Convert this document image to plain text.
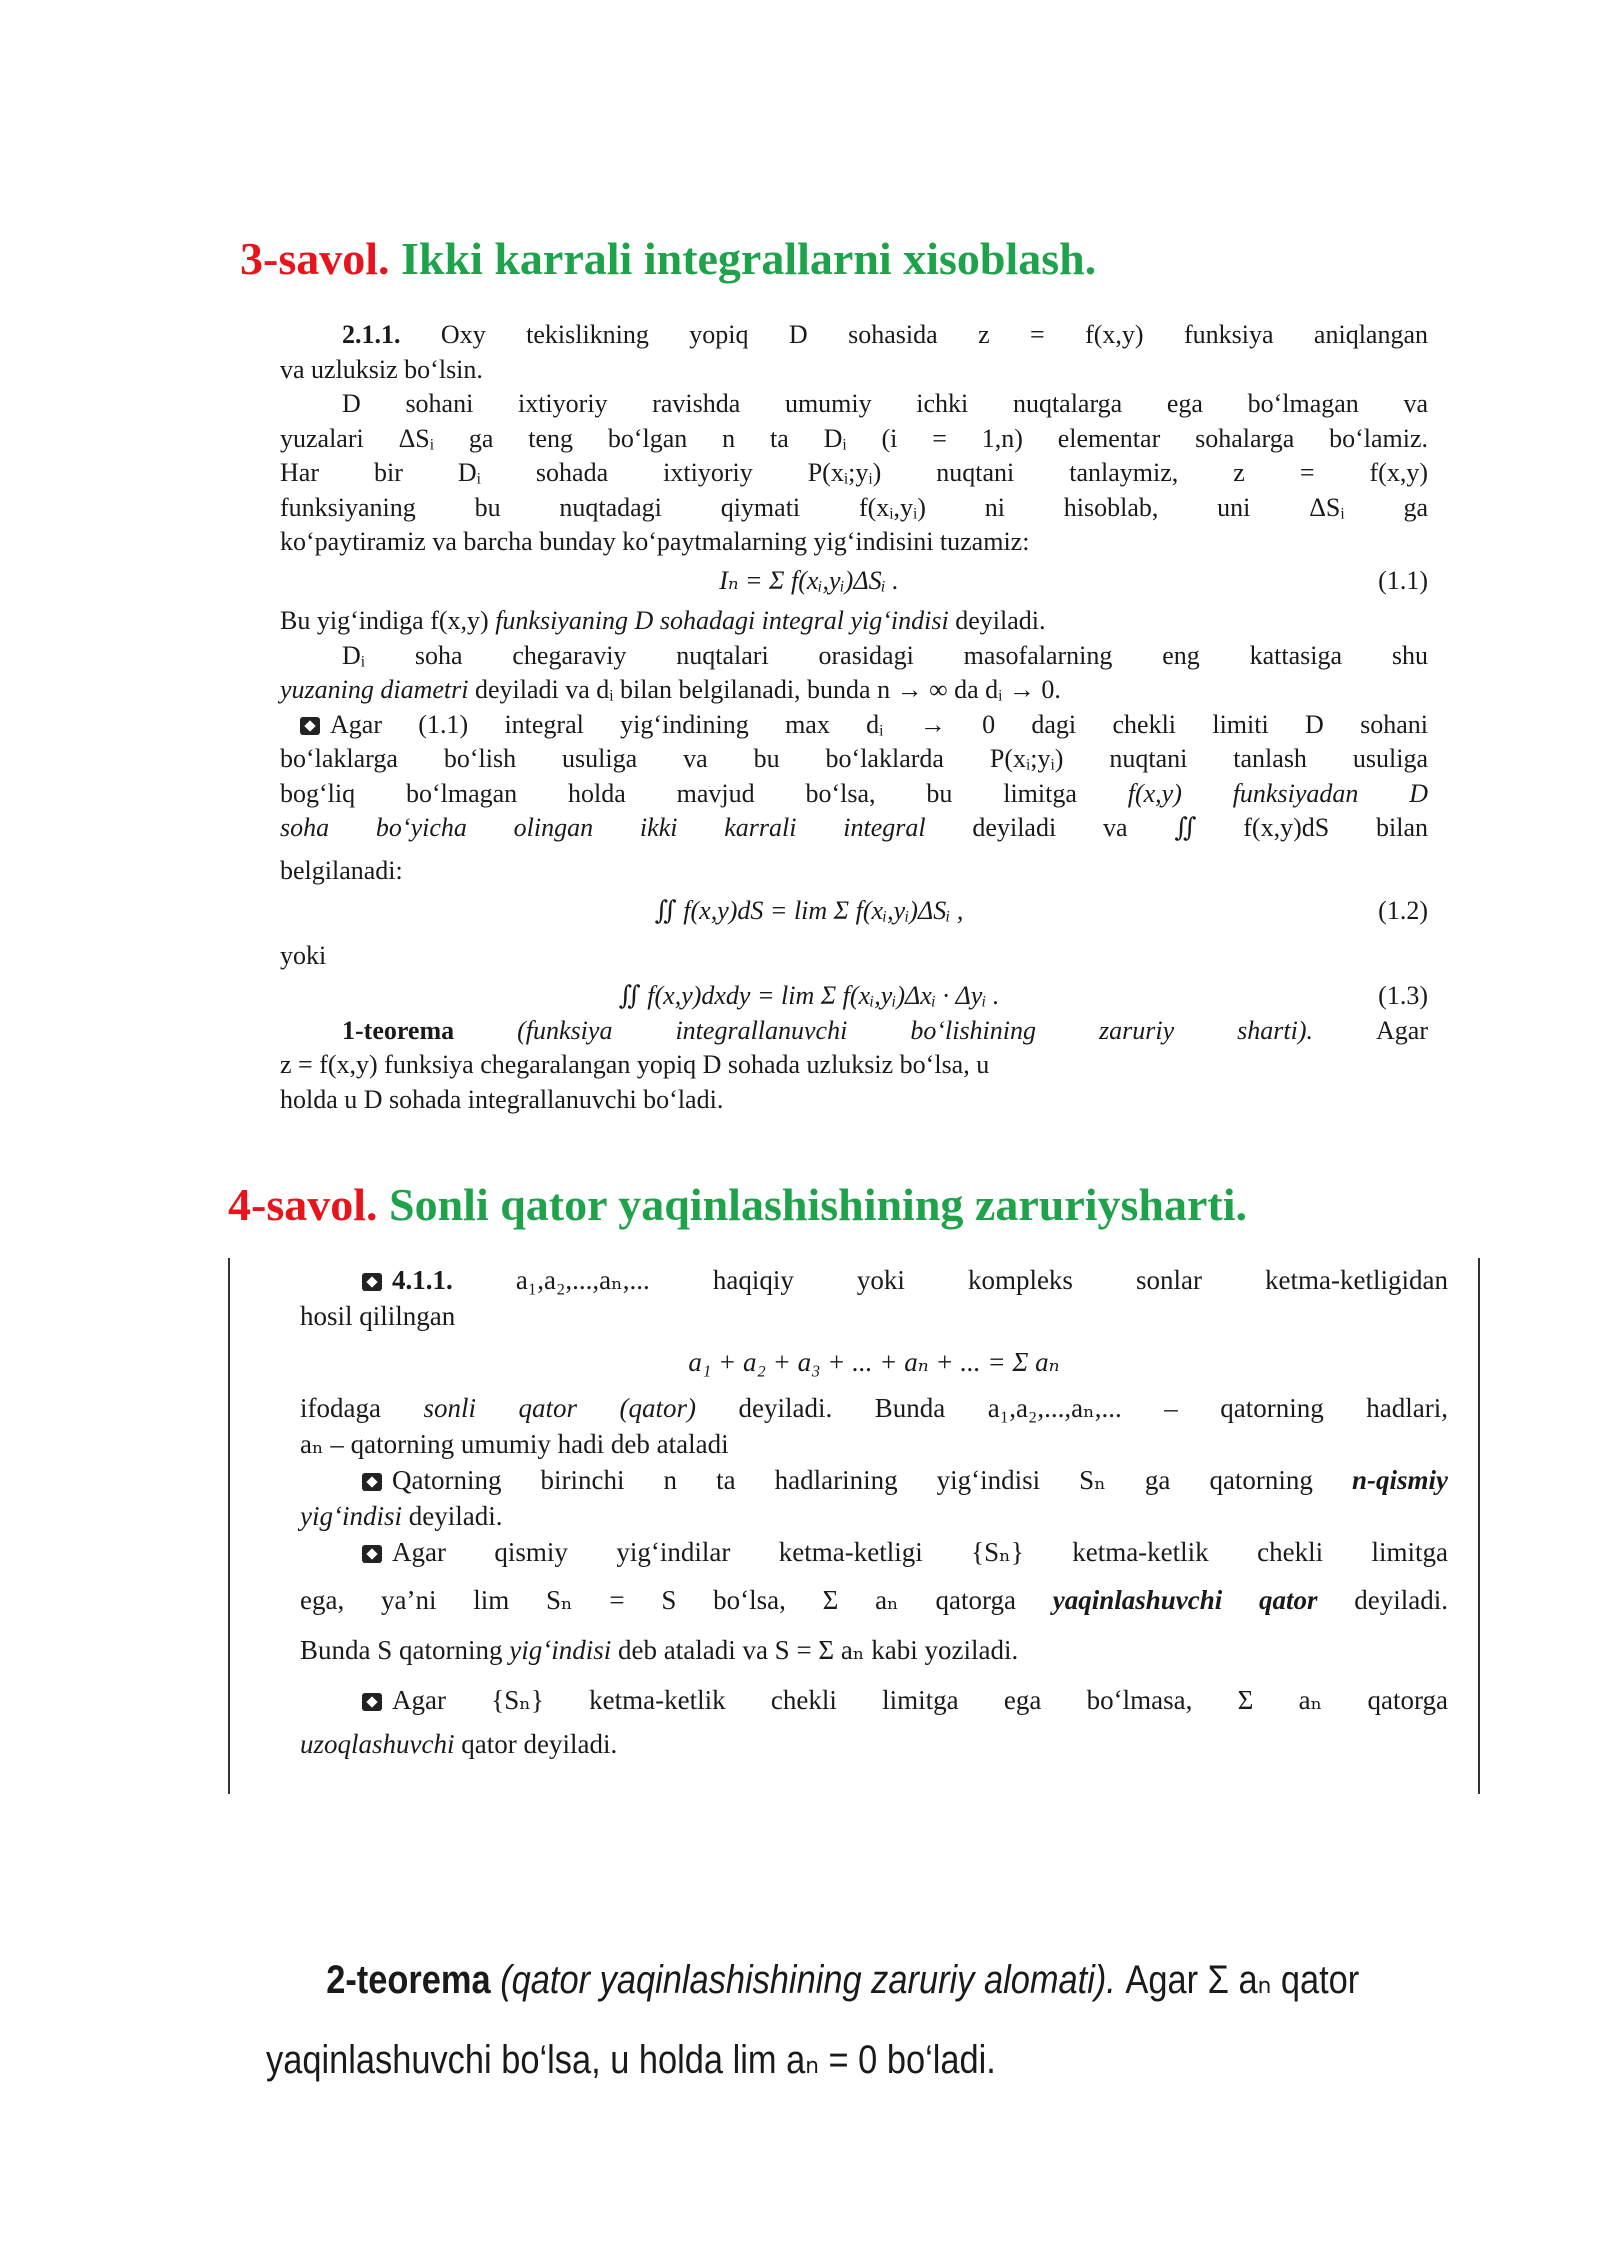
3-savol. Ikki karrali integrallarni xisoblash.

2.1.1. Oxy tekislikning yopiq D sohasida z = f(x,y) funksiya aniqlangan

va uzluksiz bo‘lsin.

D sohani ixtiyoriy ravishda umumiy ichki nuqtalarga ega bo‘lmagan va

yuzalari ΔSᵢ ga teng bo‘lgan n ta Dᵢ (i = 1,n) elementar sohalarga bo‘lamiz.

Har bir Dᵢ sohada ixtiyoriy P(xᵢ;yᵢ) nuqtani tanlaymiz, z = f(x,y)

funksiyaning bu nuqtadagi qiymati f(xᵢ,yᵢ) ni hisoblab, uni ΔSᵢ ga

ko‘paytiramiz va barcha bunday ko‘paytmalarning yig‘indisini tuzamiz:

Iₙ = Σ f(xᵢ,yᵢ)ΔSᵢ .	(1.1)

Bu yig‘indiga f(x,y) funksiyaning D sohadagi integral yig‘indisi deyiladi.

Dᵢ soha chegaraviy nuqtalari orasidagi masofalarning eng kattasiga shu

yuzaning diametri deyiladi va dᵢ bilan belgilanadi, bunda n → ∞ da dᵢ → 0.

Agar (1.1) integral yig‘indining max dᵢ → 0 dagi chekli limiti D sohani

bo‘laklarga bo‘lish usuliga va bu bo‘laklarda P(xᵢ;yᵢ) nuqtani tanlash usuliga

bog‘liq bo‘lmagan holda mavjud bo‘lsa, bu limitga f(x,y) funksiyadan D

soha bo‘yicha olingan ikki karrali integral deyiladi va ∬ f(x,y)dS bilan

belgilanadi:

∬ f(x,y)dS = lim Σ f(xᵢ,yᵢ)ΔSᵢ ,	(1.2)

yoki

∬ f(x,y)dxdy = lim Σ f(xᵢ,yᵢ)Δxᵢ · Δyᵢ .	(1.3)

1-teorema (funksiya integrallanuvchi bo‘lishining zaruriy sharti). Agar

z = f(x,y) funksiya chegaralangan yopiq D sohada uzluksiz bo‘lsa, u

holda u D sohada integrallanuvchi bo‘ladi.

4-savol. Sonli qator yaqinlashishining zaruriysharti.

4.1.1. a₁,a₂,...,aₙ,... haqiqiy yoki kompleks sonlar ketma-ketligidan

hosil qililngan

a₁ + a₂ + a₃ + ... + aₙ + ... = Σ aₙ

ifodaga sonli qator (qator) deyiladi. Bunda a₁,a₂,...,aₙ,... – qatorning hadlari,

aₙ – qatorning umumiy hadi deb ataladi

Qatorning birinchi n ta hadlarining yig‘indisi Sₙ ga qatorning n-qismiy

yig‘indisi deyiladi.

Agar qismiy yig‘indilar ketma-ketligi {Sₙ} ketma-ketlik chekli limitga

ega, ya’ni lim Sₙ = S bo‘lsa, Σ aₙ qatorga yaqinlashuvchi qator deyiladi.

Bunda S qatorning yig‘indisi deb ataladi va S = Σ aₙ kabi yoziladi.

Agar {Sₙ} ketma-ketlik chekli limitga ega bo‘lmasa, Σ aₙ qatorga

uzoqlashuvchi qator deyiladi.

2-teorema (qator yaqinlashishining zaruriy alomati). Agar Σ aₙ qator

yaqinlashuvchi bo‘lsa, u holda lim aₙ = 0 bo‘ladi.
